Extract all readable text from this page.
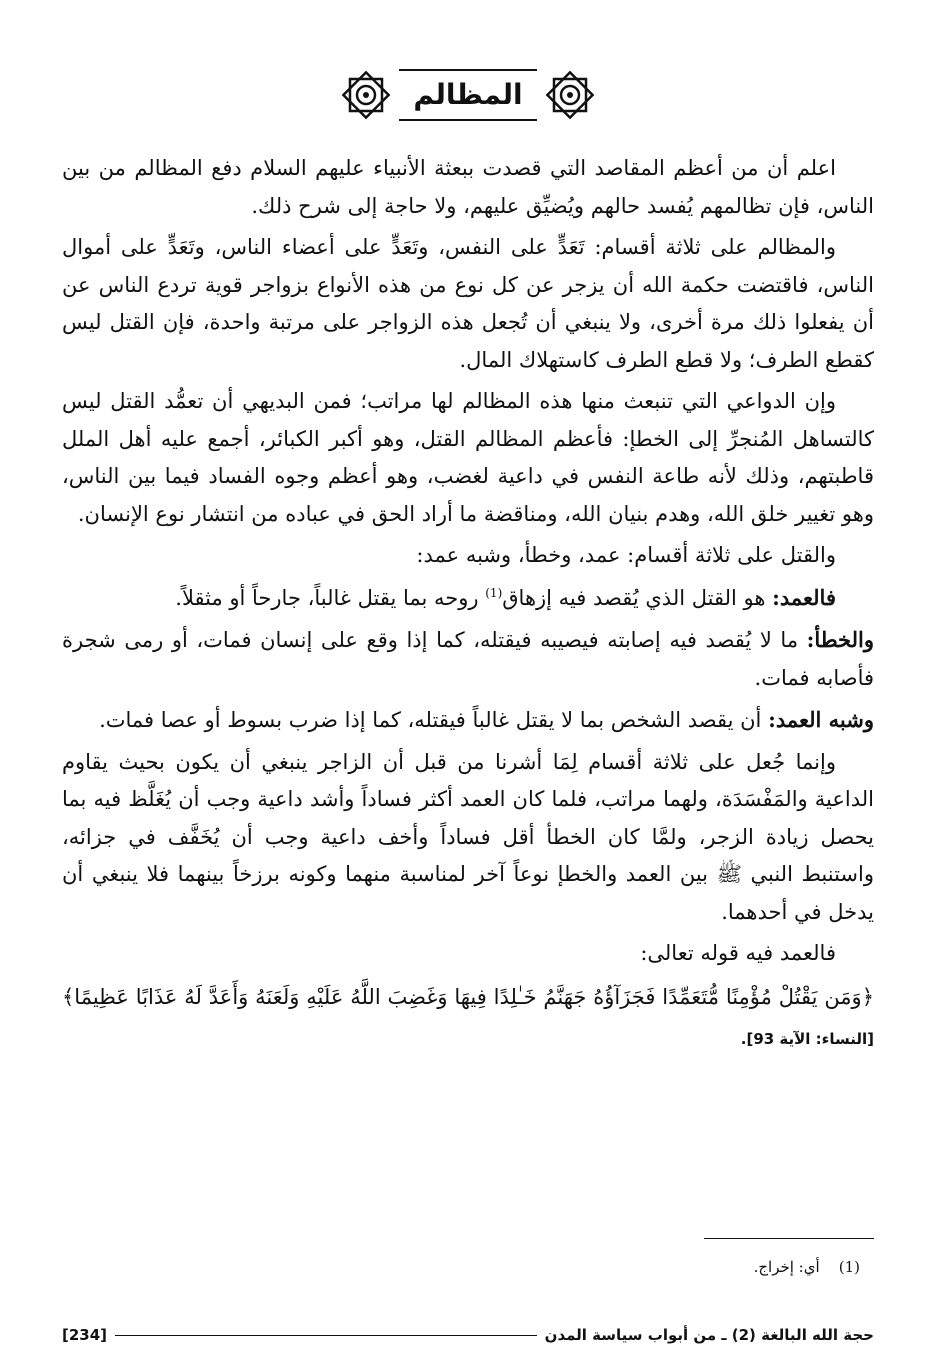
المظالم

اعلم أن من أعظم المقاصد التي قصدت ببعثة الأنبياء عليهم السلام دفع المظالم من بين الناس، فإن تظالمهم يُفسد حالهم ويُضيِّق عليهم، ولا حاجة إلى شرح ذلك.

والمظالم على ثلاثة أقسام: تَعَدٍّ على النفس، وتَعَدٍّ على أعضاء الناس، وتَعَدٍّ على أموال الناس، فاقتضت حكمة الله أن يزجر عن كل نوع من هذه الأنواع بزواجر قوية تردع الناس عن أن يفعلوا ذلك مرة أخرى، ولا ينبغي أن تُجعل هذه الزواجر على مرتبة واحدة، فإن القتل ليس كقطع الطرف؛ ولا قطع الطرف كاستهلاك المال.

وإن الدواعي التي تنبعث منها هذه المظالم لها مراتب؛ فمن البديهي أن تعمُّد القتل ليس كالتساهل المُنجرِّ إلى الخطإ: فأعظم المظالم القتل، وهو أكبر الكبائر، أجمع عليه أهل الملل قاطبتهم، وذلك لأنه طاعة النفس في داعية لغضب، وهو أعظم وجوه الفساد فيما بين الناس، وهو تغيير خلق الله، وهدم بنيان الله، ومناقضة ما أراد الحق في عباده من انتشار نوع الإنسان.

والقتل على ثلاثة أقسام: عمد، وخطأ، وشبه عمد:

فالعمد: هو القتل الذي يُقصد فيه إزهاق$^{(1)}$ روحه بما يقتل غالباً، جارحاً أو مثقلاً.

والخطأ: ما لا يُقصد فيه إصابته فيصيبه فيقتله، كما إذا وقع على إنسان فمات، أو رمى شجرة فأصابه فمات.

وشبه العمد: أن يقصد الشخص بما لا يقتل غالباً فيقتله، كما إذا ضرب بسوط أو عصا فمات.

وإنما جُعل على ثلاثة أقسام لِمَا أشرنا من قبل أن الزاجر ينبغي أن يكون بحيث يقاوم الداعية والمَفْسَدَة، ولهما مراتب، فلما كان العمد أكثر فساداً وأشد داعية وجب أن يُغَلَّظ فيه بما يحصل زيادة الزجر، ولمَّا كان الخطأ أقل فساداً وأخف داعية وجب أن يُخَفَّف في جزائه، واستنبط النبي ﷺ بين العمد والخطإ نوعاً آخر لمناسبة منهما وكونه برزخاً بينهما فلا ينبغي أن يدخل في أحدهما.

فالعمد فيه قوله تعالى:

﴿وَمَن يَقْتُلْ مُؤْمِنًا مُّتَعَمِّدًا فَجَزَآؤُهُ جَهَنَّمُ خَـٰلِدًا فِيهَا وَغَضِبَ اللَّهُ عَلَيْهِ وَلَعَنَهُ وَأَعَدَّ لَهُ عَذَابًا عَظِيمًا﴾ [النساء: الآية 93].

(1)    أي: إخراج.
حجة الله البالغة (2) ـ من أبواب سياسة المدن
[234]
